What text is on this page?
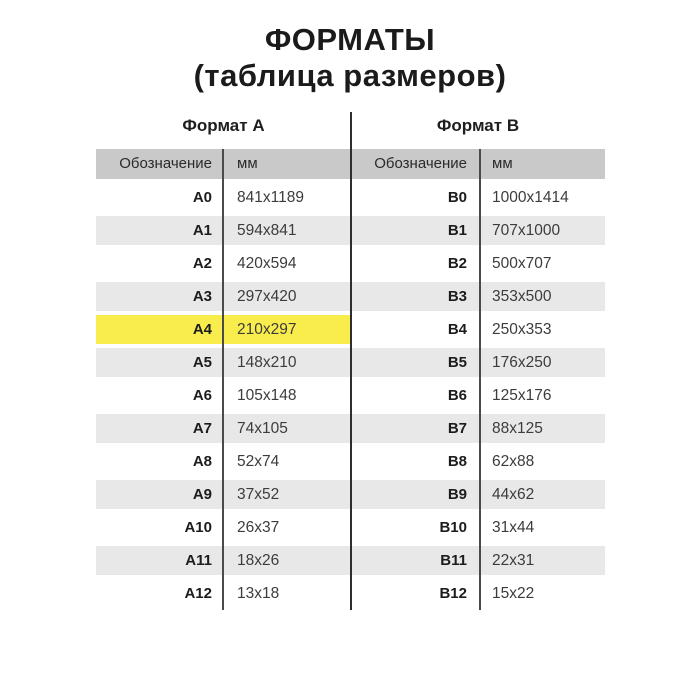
ФОРМАТЫ
(таблица размеров)
Формат А	Формат B
Обозначение	мм	Обозначение	мм
A0	841x1189	B0	1000x1414
A1	594x841	B1	707x1000
A2	420x594	B2	500x707
A3	297x420	B3	353x500
A4	210x297	B4	250x353
A5	148x210	B5	176x250
A6	105x148	B6	125x176
A7	74x105	B7	88x125
A8	52x74	B8	62x88
A9	37x52	B9	44x62
A10	26x37	B10	31x44
A11	18x26	B11	22x31
A12	13x18	B12	15x22
